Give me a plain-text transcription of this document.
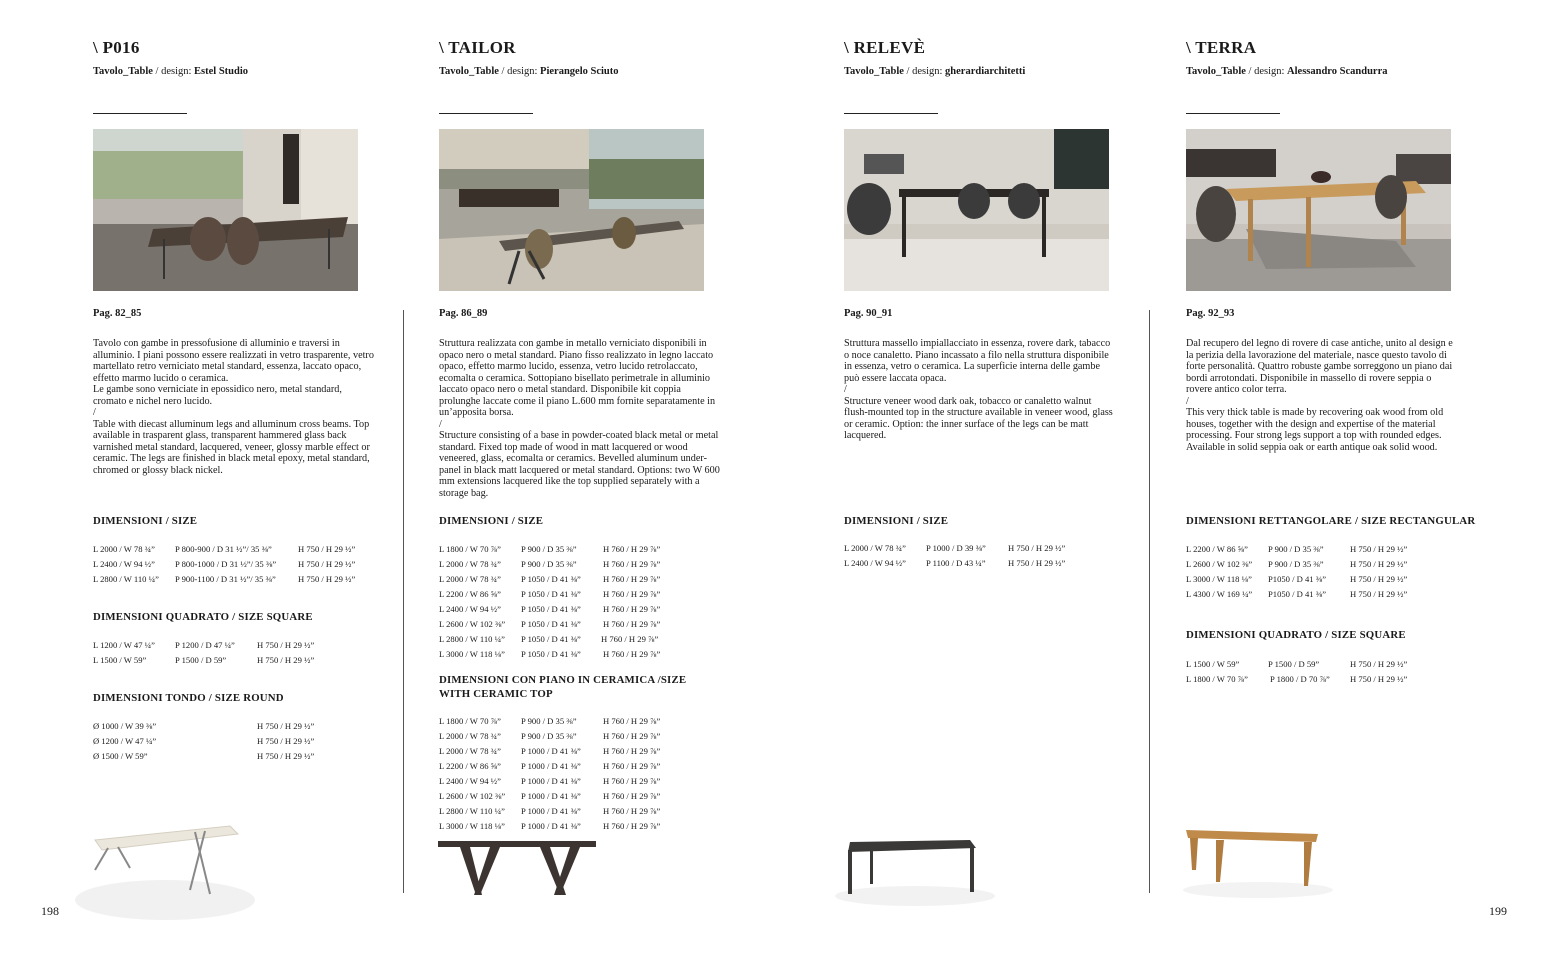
\ P016
Tavolo_Table / design: Estel Studio
Pag. 82_85

Tavolo con gambe in pressofusione di alluminio e traversi in alluminio. I piani possono essere realizzati in vetro trasparente, vetro martellato retro verniciato metal standard, essenza, laccato opaco, effetto marmo lucido o ceramica.

Le gambe sono verniciate in epossidico nero, metal standard, cromato e nichel nero lucido.

/

Table with diecast alluminum legs and alluminum cross beams. Top available in trasparent glass, transparent hammered glass back varnished metal standard, lacquered, veneer, glossy marble effect or ceramic. The legs are finished in black metal epoxy, metal standard, chromed or glossy black nickel.

DIMENSIONI / SIZE
L 2000 / W 78 ¾” P 800-900 / D 31 ½”/ 35 ⅜”	H 750 / H 29 ½”
L 2400 / W 94 ½” P 800-1000 / D 31 ½”/ 35 ⅜”	H 750 / H 29 ½”
L 2800 / W 110 ¼” P 900-1100 / D 31 ½”/ 35 ⅜”	H 750 / H 29 ½”
DIMENSIONI QUADRATO / SIZE SQUARE
L 1200 / W 47 ¼” P 1200 / D 47 ¼”	H 750 / H 29 ½”
L 1500 / W 59”	P 1500 / D 59”	H 750 / H 29 ½”
DIMENSIONI TONDO / SIZE ROUND
Ø 1000 / W 39 ⅜”	H 750 / H 29 ½”
Ø 1200 / W 47 ¼”	H 750 / H 29 ½”
Ø 1500 / W 59”	H 750 / H 29 ½”
\ TAILOR
Tavolo_Table / design: Pierangelo Sciuto
Pag. 86_89

Struttura realizzata con gambe in metallo verniciato disponibili in opaco nero o metal standard. Piano fisso realizzato in legno laccato opaco, effetto marmo lucido, essenza, vetro lucido retrolaccato, ecomalta o ceramica. Sottopiano bisellato perimetrale in alluminio laccato opaco nero o metal standard. Disponibile kit coppia prolunghe laccate come il piano L.600 mm fornite separatamente in un’apposita borsa.

/

Structure consisting of a base in powder-coated black metal or metal standard. Fixed top made of wood in matt lacquered or wood veneered, glass, ecomalta or ceramics. Bevelled aluminum under-panel in black matt lacquered or metal standard. Options: two W 600 mm extensions lacquered like the top supplied separately with a storage bag.

DIMENSIONI / SIZE
L 1800 / W 70 ⅞” P 900 / D 35 ⅜”	H 760 / H 29 ⅞”
L 2000 / W 78 ¾” P 900 / D 35 ⅜”	H 760 / H 29 ⅞”
L 2000 / W 78 ¾” P 1050 / D 41 ⅜”	H 760 / H 29 ⅞”
L 2200 / W 86 ⅝” P 1050 / D 41 ⅜”	H 760 / H 29 ⅞”
L 2400 / W 94 ½” P 1050 / D 41 ⅜”	H 760 / H 29 ⅞”
L 2600 / W 102 ⅜” P 1050 / D 41 ⅜”	H 760 / H 29 ⅞”
L 2800 / W 110 ¼” P 1050 / D 41 ⅜” H 760 / H 29 ⅞”
L 3000 / W 118 ⅛” P 1050 / D 41 ⅜”	H 760 / H 29 ⅞”
DIMENSIONI CON PIANO IN CERAMICA /SIZE WITH CERAMIC TOP
L 1800 / W 70 ⅞” P 900 / D 35 ⅜”	H 760 / H 29 ⅞”
L 2000 / W 78 ¾” P 900 / D 35 ⅜”	H 760 / H 29 ⅞”
L 2000 / W 78 ¾” P 1000 / D 41 ⅜”	H 760 / H 29 ⅞”
L 2200 / W 86 ⅝” P 1000 / D 41 ⅜”	H 760 / H 29 ⅞”
L 2400 / W 94 ½” P 1000 / D 41 ⅜”	H 760 / H 29 ⅞”
L 2600 / W 102 ⅜” P 1000 / D 41 ⅜”	H 760 / H 29 ⅞”
L 2800 / W 110 ¼” P 1000 / D 41 ⅜”	H 760 / H 29 ⅞”
L 3000 / W 118 ⅛” P 1000 / D 41 ⅜”	H 760 / H 29 ⅞”
\ RELEVÈ
Tavolo_Table / design: gherardiarchitetti
Pag. 90_91

Struttura massello impiallacciato in essenza, rovere dark, tabacco o noce canaletto. Piano incassato a filo nella struttura disponibile in essenza, vetro o ceramica. La superficie interna delle gambe può essere laccata opaca.

/

Structure veneer wood dark oak, tobacco or canaletto walnut flush-mounted top in the structure available in veneer wood, glass or ceramic. Option: the inner surface of the legs can be matt lacquered.

DIMENSIONI / SIZE
L 2000 / W 78 ¾” P 1000 / D 39 ⅜”	H 750 / H 29 ½”
L 2400 / W 94 ½” P 1100 / D 43 ¼”	H 750 / H 29 ½”
\ TERRA
Tavolo_Table / design: Alessandro Scandurra
Pag. 92_93

Dal recupero del legno di rovere di case antiche, unito al design e la perizia della lavorazione del materiale, nasce questo tavolo di forte personalità. Quattro robuste gambe sorreggono un piano dai bordi arrotondati. Disponibile in massello di rovere seppia o rovere antico color terra.

/

This very thick table is made by recovering oak wood from old houses, together with the design and expertise of the material processing. Four strong legs support a top with rounded edges. Available in solid seppia oak or earth antique oak solid wood.

DIMENSIONI RETTANGOLARE / SIZE RECTANGULAR
L 2200 / W 86 ⅝” P 900 / D 35 ⅜”	H 750 / H 29 ½”
L 2600 / W 102 ⅜” P 900 / D 35 ⅜”	H 750 / H 29 ½”
L 3000 / W 118 ⅛” P1050 / D 41 ⅜”	H 750 / H 29 ½”
L 4300 / W 169 ¼” P1050 / D 41 ⅜”	H 750 / H 29 ½”
DIMENSIONI QUADRATO / SIZE SQUARE
L 1500 / W 59”	P 1500 / D 59”	H 750 / H 29 ½”
L 1800 / W 70 ⅞”	P 1800 / D 70 ⅞” H 750 / H 29 ½”
198	199
